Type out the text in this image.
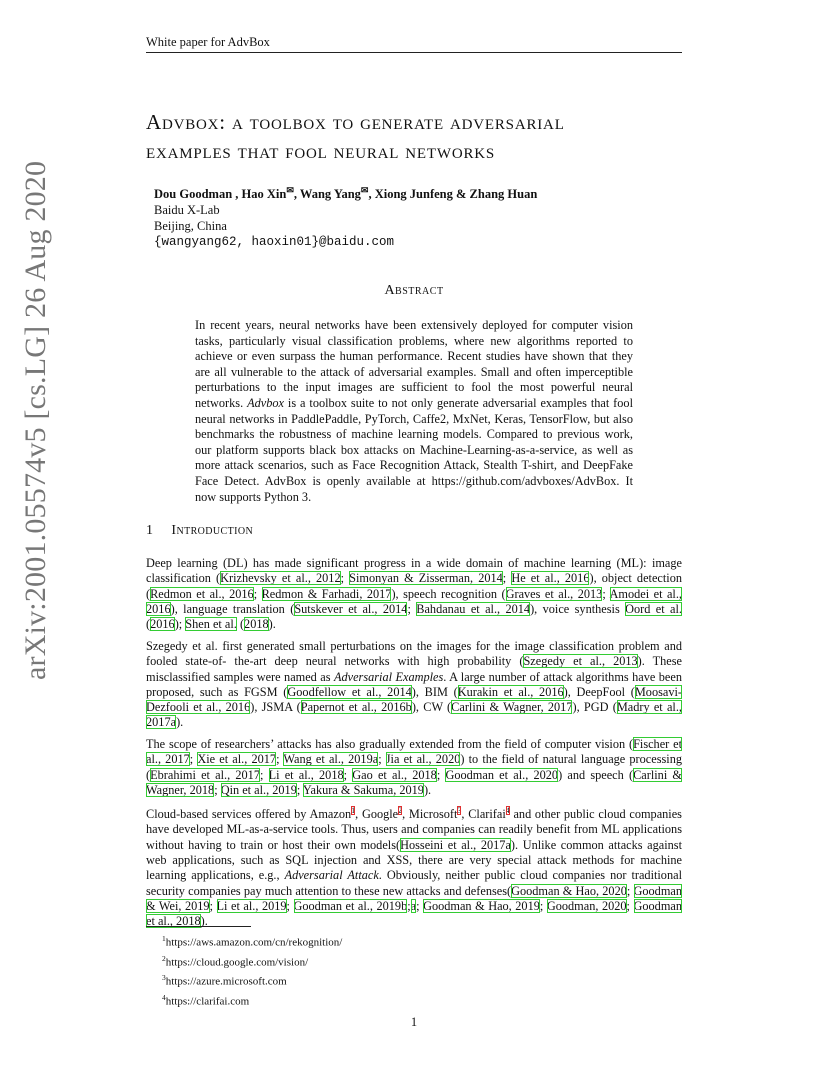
White paper for AdvBox
arXiv:2001.05574v5 [cs.LG] 26 Aug 2020
Advbox: a toolbox to generate adversarial
examples that fool neural networks
Dou Goodman , Hao Xin✉, Wang Yang✉, Xiong Junfeng & Zhang Huan
Baidu X-Lab
Beijing, China
{wangyang62, haoxin01}@baidu.com
Abstract
In recent years, neural networks have been extensively deployed for computer vision tasks, particularly visual classification problems, where new algorithms reported to achieve or even surpass the human performance. Recent studies have shown that they are all vulnerable to the attack of adversarial examples. Small and often imperceptible perturbations to the input images are sufficient to fool the most powerful neural networks. Advbox is a toolbox suite to not only generate adversarial examples that fool neural networks in PaddlePaddle, PyTorch, Caffe2, MxNet, Keras, TensorFlow, but also benchmarks the robustness of machine learning models. Compared to previous work, our platform supports black box attacks on Machine-Learning-as-a-service, as well as more attack scenarios, such as Face Recognition Attack, Stealth T-shirt, and DeepFake Face Detect. AdvBox is openly available at https://github.com/advboxes/AdvBox. It now supports Python 3.
1 Introduction
Deep learning (DL) has made significant progress in a wide domain of machine learning (ML): image classification (Krizhevsky et al., 2012; Simonyan & Zisserman, 2014; He et al., 2016), object detection (Redmon et al., 2016; Redmon & Farhadi, 2017), speech recognition (Graves et al., 2013; Amodei et al., 2016), language translation (Sutskever et al., 2014; Bahdanau et al., 2014), voice synthesis Oord et al. (2016); Shen et al. (2018).
Szegedy et al. first generated small perturbations on the images for the image classification problem and fooled state-of- the-art deep neural networks with high probability (Szegedy et al., 2013). These misclassified samples were named as Adversarial Examples. A large number of attack algorithms have been proposed, such as FGSM (Goodfellow et al., 2014), BIM (Kurakin et al., 2016), DeepFool (Moosavi-Dezfooli et al., 2016), JSMA (Papernot et al., 2016b), CW (Carlini & Wagner, 2017), PGD (Madry et al., 2017a).
The scope of researchers’ attacks has also gradually extended from the field of computer vision (Fischer et al., 2017; Xie et al., 2017; Wang et al., 2019a; Jia et al., 2020) to the field of natural language processing (Ebrahimi et al., 2017; Li et al., 2018; Gao et al., 2018; Goodman et al., 2020) and speech (Carlini & Wagner, 2018; Qin et al., 2019; Yakura & Sakuma, 2019).
Cloud-based services offered by Amazon$^1$, Google$^2$, Microsoft$^3$, Clarifai$^4$ and other public cloud companies have developed ML-as-a-service tools. Thus, users and companies can readily benefit from ML applications without having to train or host their own models(Hosseini et al., 2017a). Unlike common attacks against web applications, such as SQL injection and XSS, there are very special attack methods for machine learning applications, e.g., Adversarial Attack. Obviously, neither public cloud companies nor traditional security companies pay much attention to these new attacks and defenses(Goodman & Hao, 2020; Goodman & Wei, 2019; Li et al., 2019; Goodman et al., 2019b;a; Goodman & Hao, 2019; Goodman, 2020; Goodman et al., 2018).
$^1$https://aws.amazon.com/cn/rekognition/
$^2$https://cloud.google.com/vision/
$^3$https://azure.microsoft.com
$^4$https://clarifai.com
1
